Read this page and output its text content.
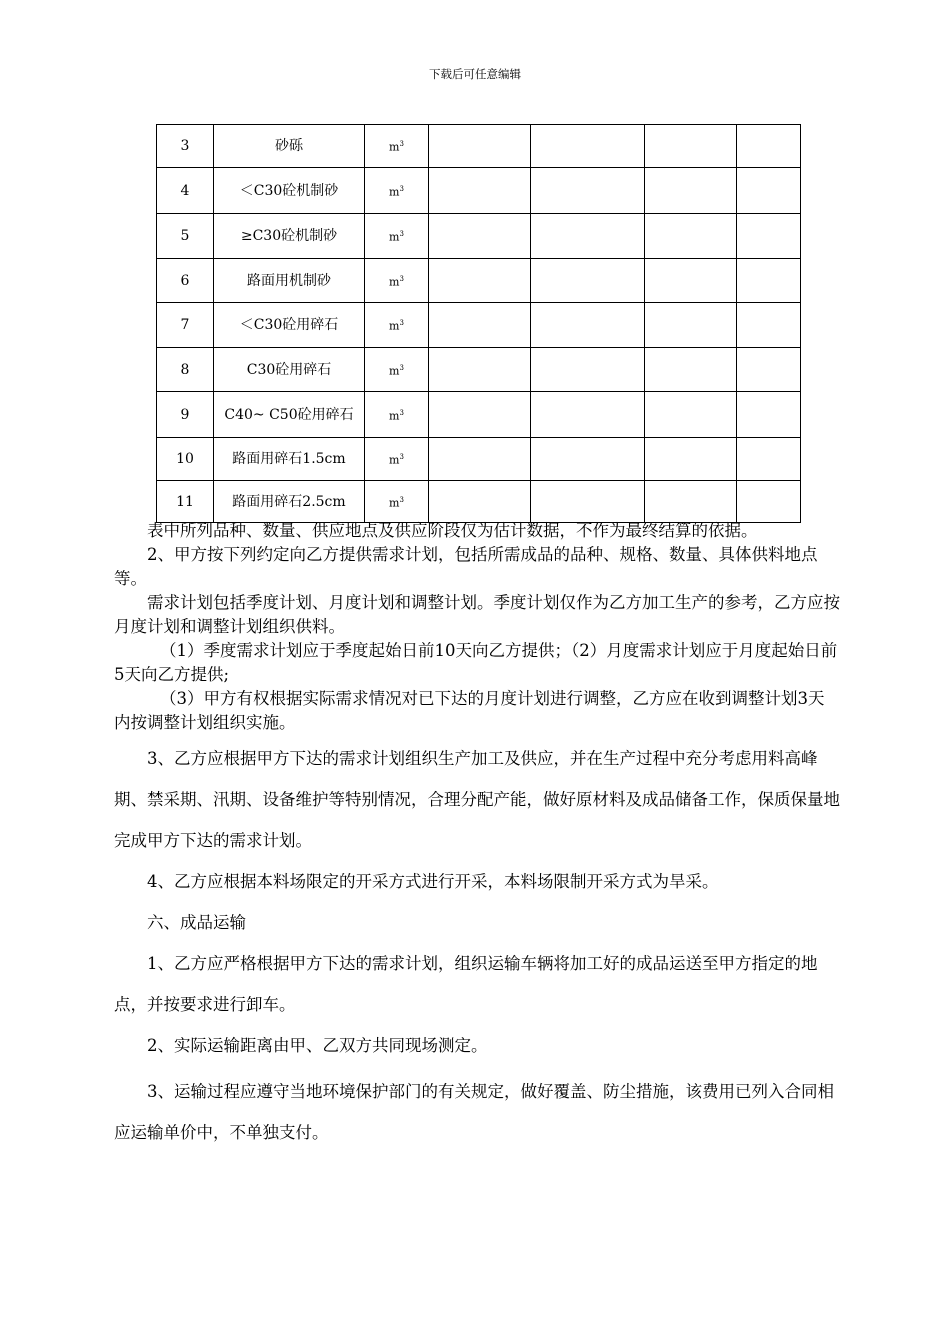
下载后可任意编辑
3	砂砾	$m^3$				
4	＜C30砼机制砂	$m^3$				
5	≥C30砼机制砂	$m^3$				
6	路面用机制砂	$m^3$				
7	＜C30砼用碎石	$m^3$				
8	C30砼用碎石	$m^3$				
9	C40~ C50砼用碎石	$m^3$				
10	路面用碎石1.5cm	$m^3$				
11	路面用碎石2.5cm	$m^3$				

表中所列品种、数量、供应地点及供应阶段仅为估计数据，不作为最终结算的依据。

2、甲方按下列约定向乙方提供需求计划，包括所需成品的品种、规格、数量、具体供料地点等。

需求计划包括季度计划、月度计划和调整计划。季度计划仅作为乙方加工生产的参考，乙方应按月度计划和调整计划组织供料。

（1）季度需求计划应于季度起始日前10天向乙方提供；（2）月度需求计划应于月度起始日前5天向乙方提供;

（3）甲方有权根据实际需求情况对已下达的月度计划进行调整，乙方应在收到调整计划3天内按调整计划组织实施。

3、乙方应根据甲方下达的需求计划组织生产加工及供应，并在生产过程中充分考虑用料高峰期、禁采期、汛期、设备维护等特别情况，合理分配产能，做好原材料及成品储备工作，保质保量地完成甲方下达的需求计划。

4、乙方应根据本料场限定的开采方式进行开采，本料场限制开采方式为旱采。

六、成品运输

1、乙方应严格根据甲方下达的需求计划，组织运输车辆将加工好的成品运送至甲方指定的地点，并按要求进行卸车。

2、实际运输距离由甲、乙双方共同现场测定。

3、运输过程应遵守当地环境保护部门的有关规定，做好覆盖、防尘措施，该费用已列入合同相应运输单价中，不单独支付。
